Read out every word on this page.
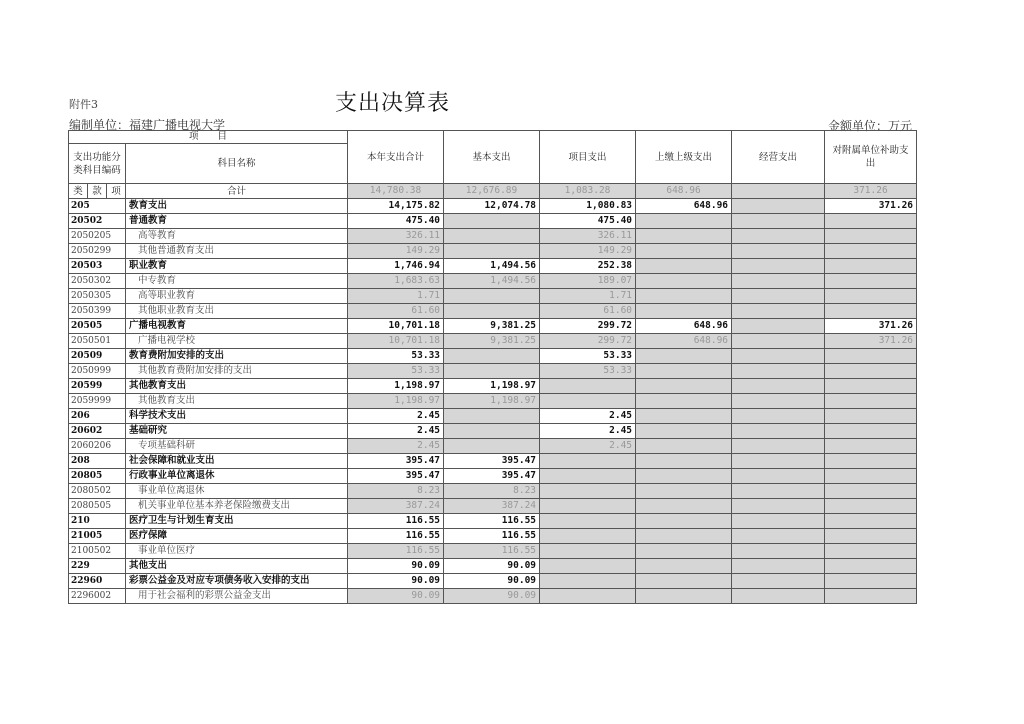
附件3	支出决算表
编制单位：福建广播电视大学	金额单位：万元
项　　目				本年支出合计	基本支出	项目支出	上缴上级支出	经营支出	对附属单位补助支出
支出功能分类科目编码			科目名称						

类	款	项	合计	14,780.38	12,676.89	1,083.28	648.96		371.26
205			教育支出	14,175.82	12,074.78	1,080.83	648.96		371.26
20502			普通教育	475.40		475.40			
2050205			高等教育	326.11		326.11			
2050299			其他普通教育支出	149.29		149.29			
20503			职业教育	1,746.94	1,494.56	252.38			
2050302			中专教育	1,683.63	1,494.56	189.07			
2050305			高等职业教育	1.71		1.71			
2050399			其他职业教育支出	61.60		61.60			
20505			广播电视教育	10,701.18	9,381.25	299.72	648.96		371.26
2050501			广播电视学校	10,701.18	9,381.25	299.72	648.96		371.26
20509			教育费附加安排的支出	53.33		53.33			
2050999			其他教育费附加安排的支出	53.33		53.33			
20599			其他教育支出	1,198.97	1,198.97				
2059999			其他教育支出	1,198.97	1,198.97				
206			科学技术支出	2.45		2.45			
20602			基础研究	2.45		2.45			
2060206			专项基础科研	2.45		2.45			
208			社会保障和就业支出	395.47	395.47				
20805			行政事业单位离退休	395.47	395.47				
2080502			事业单位离退休	8.23	8.23				
2080505			机关事业单位基本养老保险缴费支出	387.24	387.24				
210			医疗卫生与计划生育支出	116.55	116.55				
21005			医疗保障	116.55	116.55				
2100502			事业单位医疗	116.55	116.55				
229			其他支出	90.09	90.09				
22960			彩票公益金及对应专项债务收入安排的支出	90.09	90.09				
2296002			用于社会福利的彩票公益金支出	90.09	90.09				
